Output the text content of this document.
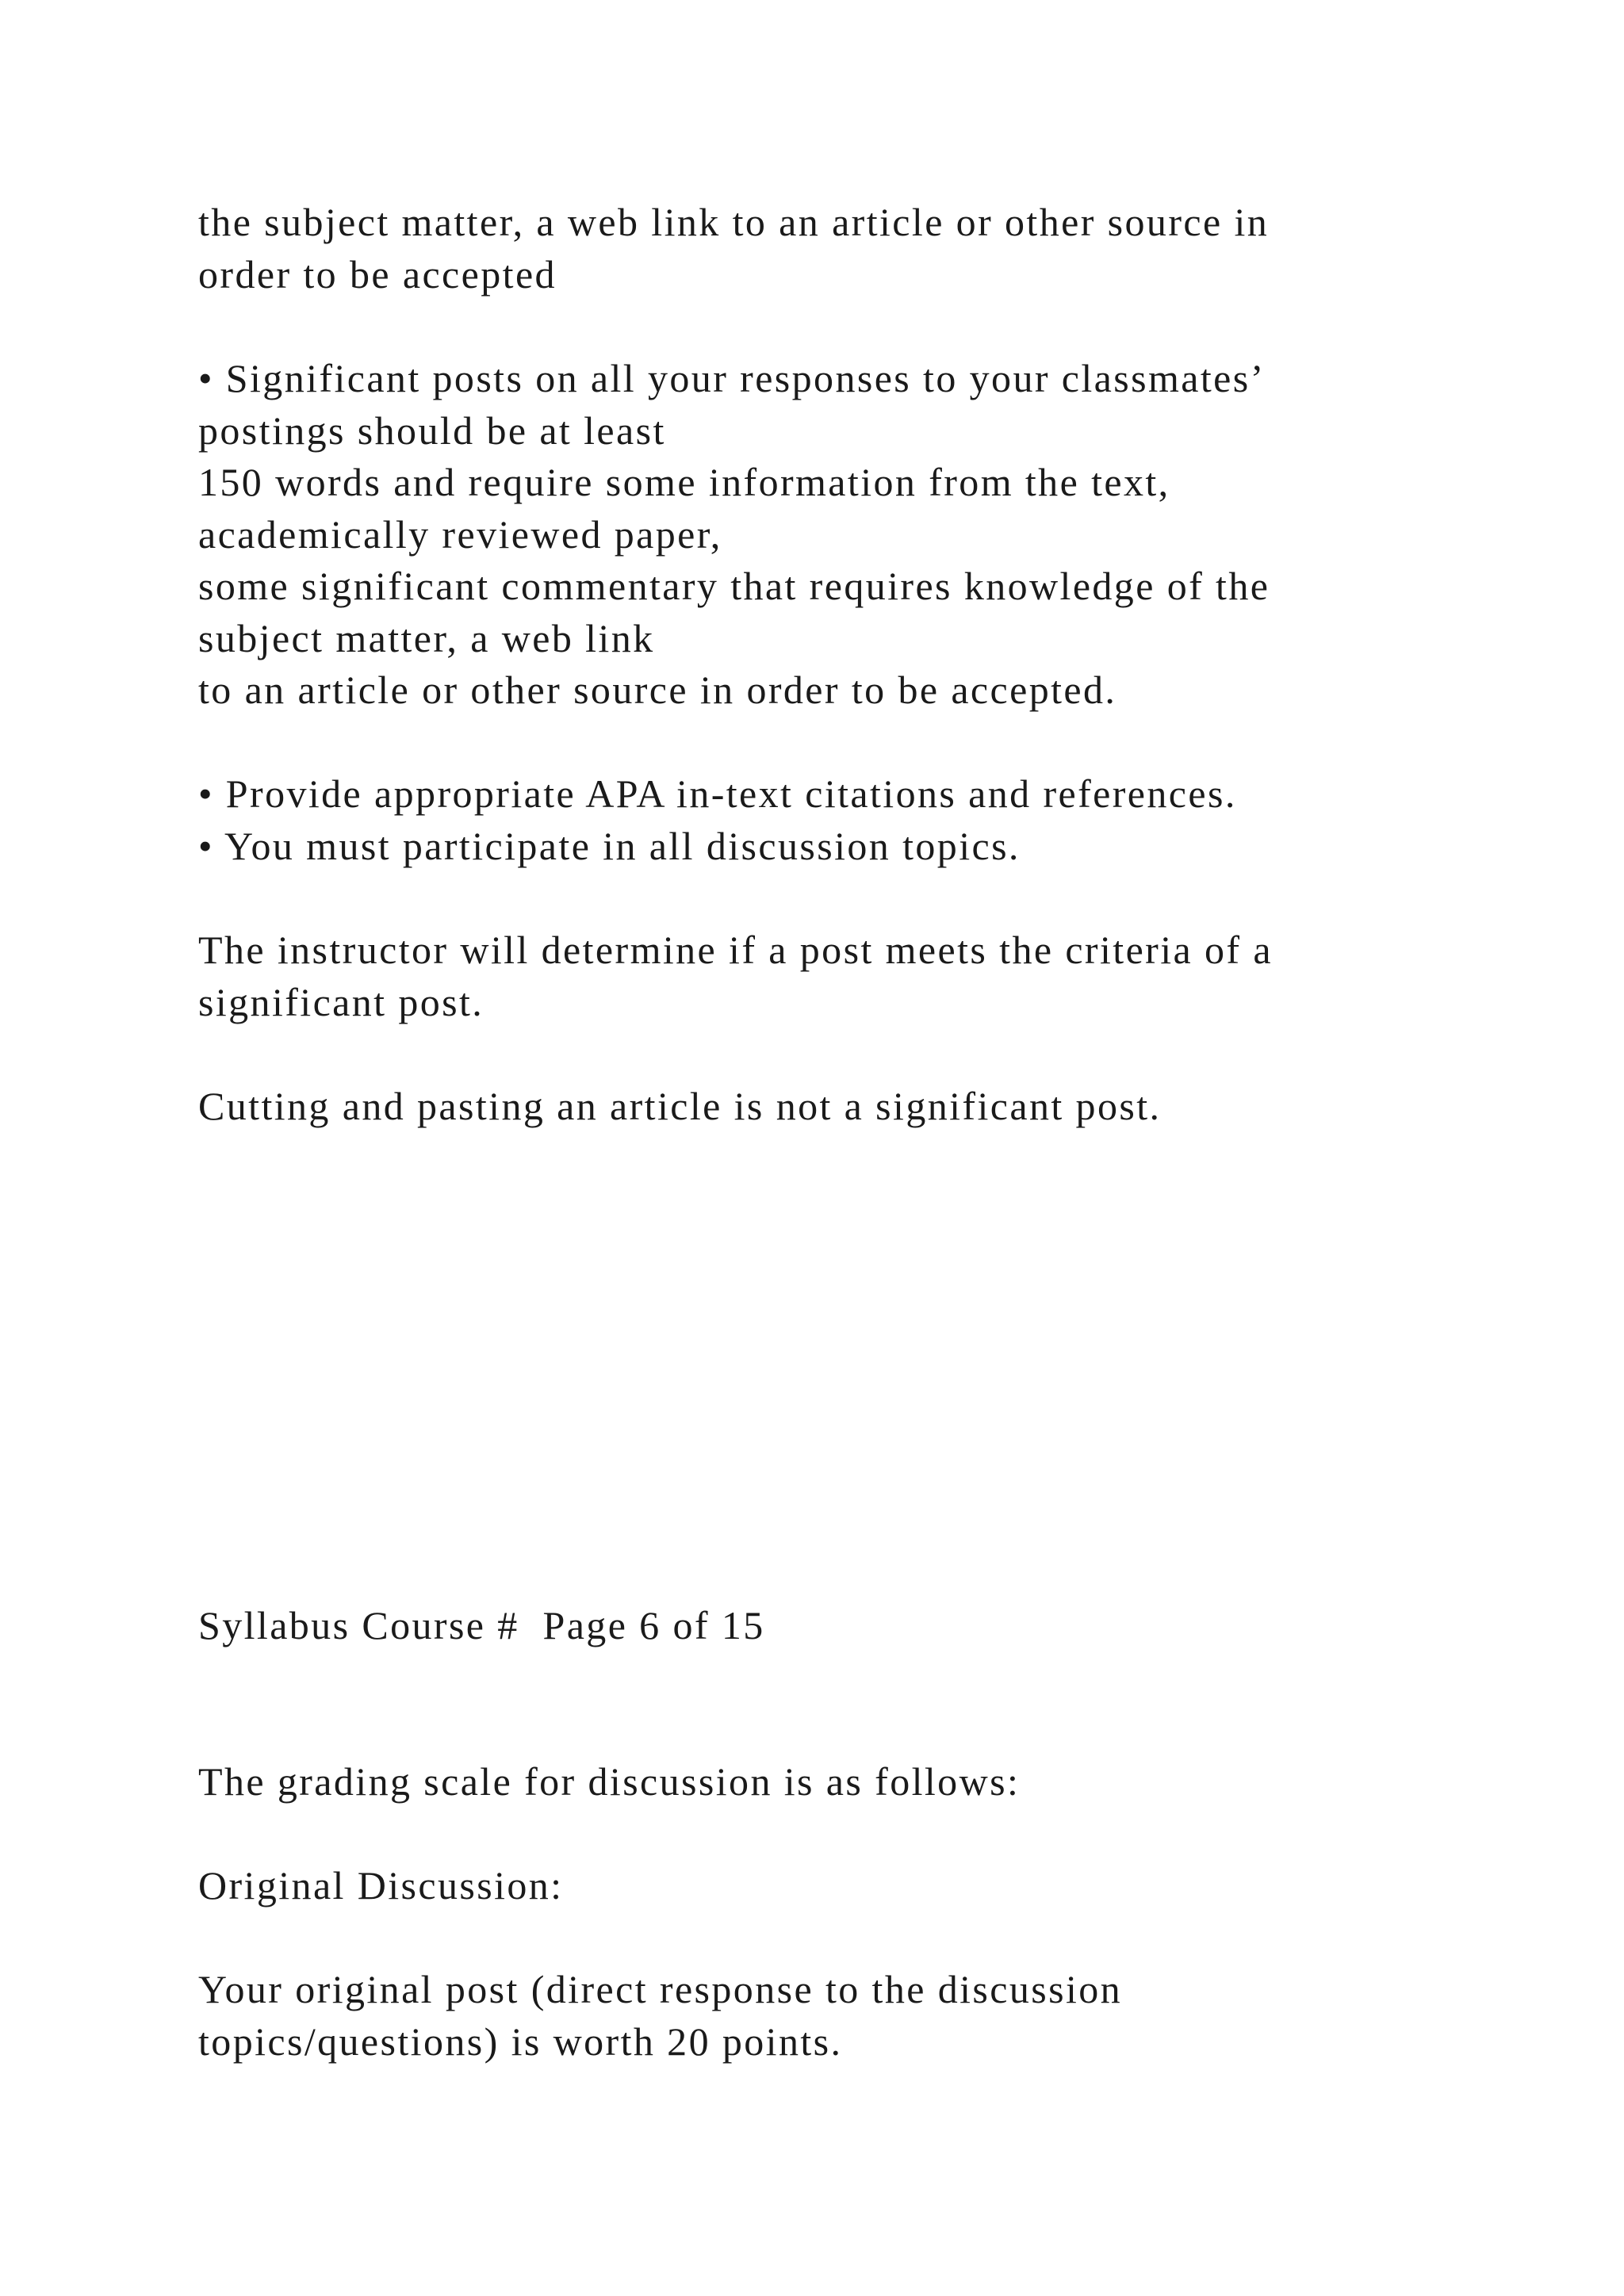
the subject matter, a web link to an article or other source in
order to be accepted
• Significant posts on all your responses to your classmates’
postings should be at least
150 words and require some information from the text,
academically reviewed paper,
some significant commentary that requires knowledge of the
subject matter, a web link
to an article or other source in order to be accepted.
• Provide appropriate APA in-text citations and references.
• You must participate in all discussion topics.
The instructor will determine if a post meets the criteria of a
significant post.
Cutting and pasting an article is not a significant post.
Syllabus Course #  Page 6 of 15
The grading scale for discussion is as follows:
Original Discussion:
Your original post (direct response to the discussion
topics/questions) is worth 20 points.
